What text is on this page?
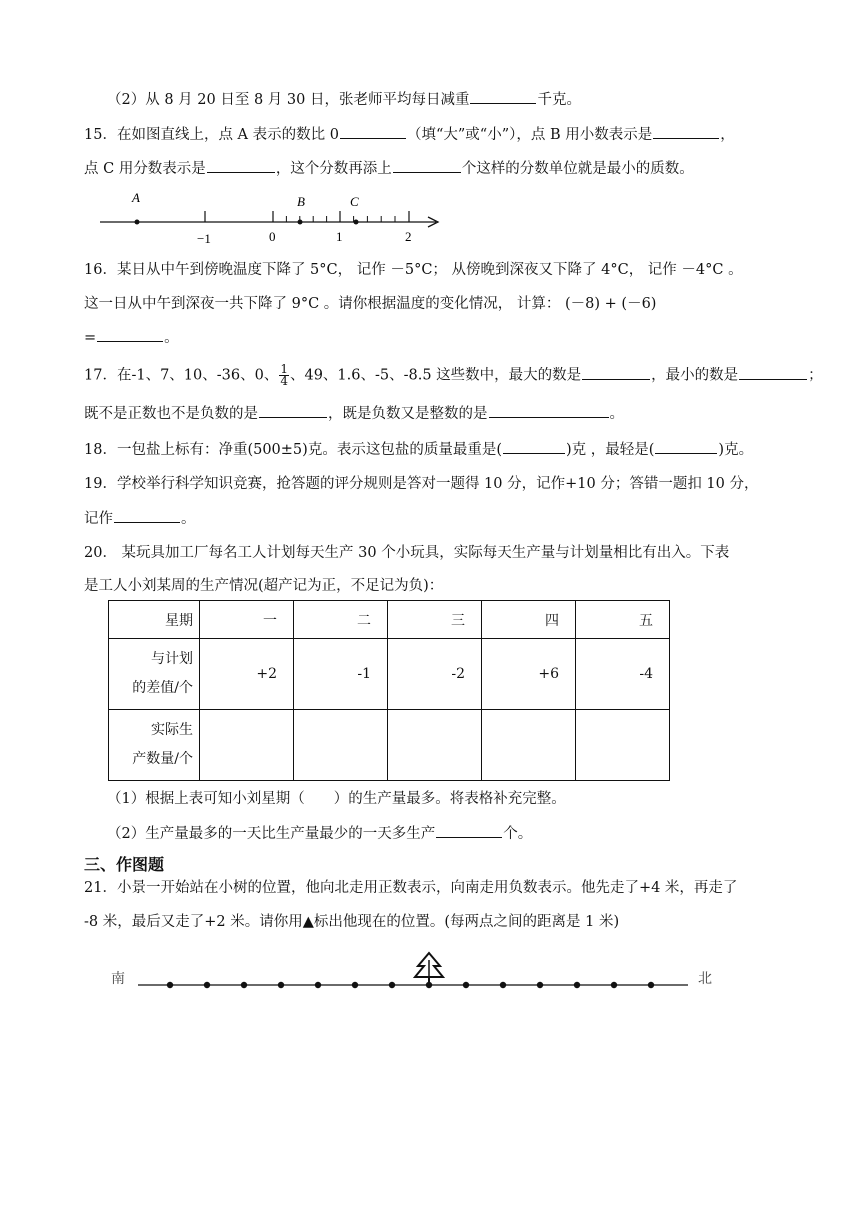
（2）从 8 月 20 日至 8 月 30 日，张老师平均每日减重	千克。
15．在如图直线上，点 A 表示的数比 0	（填“大”或“小”），点 B 用小数表示是	，
点 C 用分数表示是	，这个分数再添上	个这样的分数单位就是最小的质数。
A	B	C
−1	0	1	2
南	北
16．某日从中午到傍晚温度下降了 5°C， 记作 －5°C； 从傍晚到深夜又下降了 4°C， 记作 －4°C 。
这一日从中午到深夜一共下降了 9°C 。请你根据温度的变化情况， 计算： (－8) + (－6)
=	。
17．在-1、7、10、-36、0、 $\frac{1}{4}$ 、49、1.6、-5、-8.5 这些数中，最大的数是	，最小的数是	；
既不是正数也不是负数的是	，既是负数又是整数的是	。
18．一包盐上标有：净重(500±5)克。表示这包盐的质量最重是(	)克 ，最轻是(	)克。
19．学校举行科学知识竞赛，抢答题的评分规则是答对一题得 10 分，记作+10 分；答错一题扣 10 分，
记作	。
20． 某玩具加工厂每名工人计划每天生产 30 个小玩具，实际每天生产量与计划量相比有出入。下表
是工人小刘某周的生产情况(超产记为正，不足记为负)：
星期	一	二	三	四	五
与计划
的差值/个	+2	-1	-2	+6	-4
实际生
产数量/个					
（1）根据上表可知小刘星期（　　）的生产量最多。将表格补充完整。
（2）生产量最多的一天比生产量最少的一天多生产	个。
三、作图题
21．小景一开始站在小树的位置，他向北走用正数表示，向南走用负数表示。他先走了+4 米，再走了
-8 米，最后又走了+2 米。请你用▲标出他现在的位置。(每两点之间的距离是 1 米)
